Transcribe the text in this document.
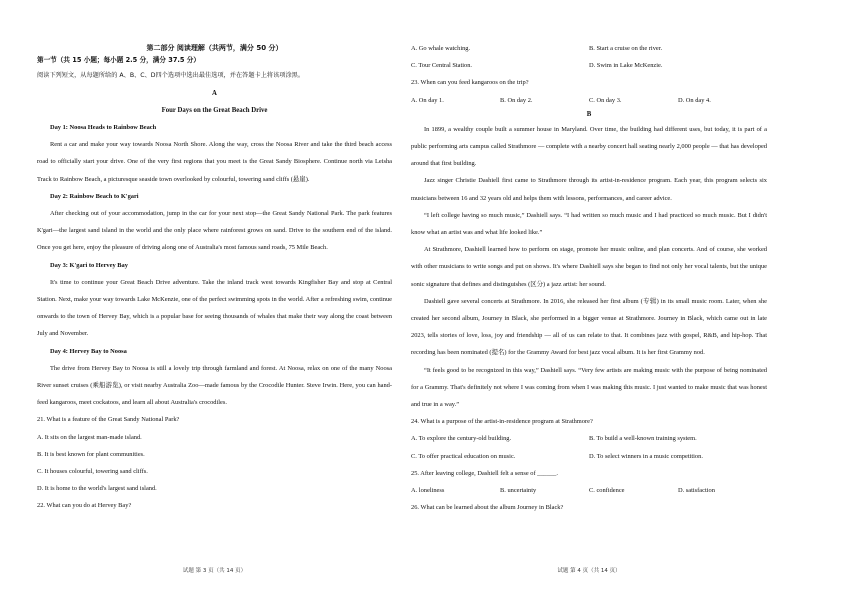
第二部分 阅读理解（共两节，满分 50 分）
第一节（共 15 小题；每小题 2.5 分，满分 37.5 分）
阅读下列短文，从每题所给的 A、B、C、D四个选项中选出最佳选项，并在答题卡上将该项涂黑。
A
Four Days on the Great Beach Drive
Day 1: Noosa Heads to Rainbow Beach

Rent a car and make your way towards Noosa North Shore. Along the way, cross the Noosa River and take the third beach access road to officially start your drive. One of the very first regions that you meet is the Great Sandy Biosphere. Continue north via Leisha Track to Rainbow Beach, a picturesque seaside town overlooked by colourful, towering sand cliffs (悬崖).

Day 2: Rainbow Beach to K'gari

After checking out of your accommodation, jump in the car for your next stop—the Great Sandy National Park. The park features K'gari—the largest sand island in the world and the only place where rainforest grows on sand. Drive to the southern end of the island. Once you get here, enjoy the pleasure of driving along one of Australia's most famous sand roads, 75 Mile Beach.

Day 3: K'gari to Hervey Bay

It's time to continue your Great Beach Drive adventure. Take the inland track west towards Kingfisher Bay and stop at Central Station. Next, make your way towards Lake McKenzie, one of the perfect swimming spots in the world. After a refreshing swim, continue onwards to the town of Hervey Bay, which is a popular base for seeing thousands of whales that make their way along the coast between July and November.

Day 4: Hervey Bay to Noosa

The drive from Hervey Bay to Noosa is still a lovely trip through farmland and forest. At Noosa, relax on one of the many Noosa River sunset cruises (乘船游览), or visit nearby Australia Zoo—made famous by the Crocodile Hunter. Steve Irwin. Here, you can hand-feed kangaroos, meet cockatoos, and learn all about Australia's crocodiles.

21. What is a feature of the Great Sandy National Park?
A. It sits on the largest man-made island.
B. It is best known for plant communities.
C. It houses colourful, towering sand cliffs.
D. It is home to the world's largest sand island.
22. What can you do at Hervey Bay?
试题 第 3 页（共 14 页）
A. Go whale watching.	B. Start a cruise on the river.
C. Tour Central Station.	D. Swim in Lake McKenzie.
23. When can you feed kangaroos on the trip?
A. On day 1.	B. On day 2.	C. On day 3.	D. On day 4.
B

In 1899, a wealthy couple built a summer house in Maryland. Over time, the building had different uses, but today, it is part of a public performing arts campus called Strathmore — complete with a nearby concert hall seating nearly 2,000 people — that has developed around that first building.

Jazz singer Christie Dashiell first came to Strathmore through its artist-in-residence program. Each year, this program selects six musicians between 16 and 32 years old and helps them with lessons, performances, and career advice.

“I left college having so much music,” Dashiell says. “I had written so much music and I had practiced so much music. But I didn't know what an artist was and what life looked like.”

At Strathmore, Dashiell learned how to perform on stage, promote her music online, and plan concerts. And of course, she worked with other musicians to write songs and put on shows. It's where Dashiell says she began to find not only her vocal talents, but the unique sonic signature that defines and distinguishes (区分) a jazz artist: her sound.

Dashiell gave several concerts at Strathmore. In 2016, she released her first album (专辑) in its small music room. Later, when she created her second album, Journey in Black, she performed in a bigger venue at Strathmore. Journey in Black, which came out in late 2023, tells stories of love, loss, joy and friendship — all of us can relate to that. It combines jazz with gospel, R&B, and hip-hop. That recording has been nominated (提名) for the Grammy Award for best jazz vocal album. It is her first Grammy nod.

“It feels good to be recognized in this way,” Dashiell says. “Very few artists are making music with the purpose of being nominated for a Grammy. That's definitely not where I was coming from when I was making this music. I just wanted to make music that was honest and true in a way.”

24. What is a purpose of the artist-in-residence program at Strathmore?
A. To explore the century-old building.	B. To build a well-known training system.
C. To offer practical education on music.	D. To select winners in a music competition.
25. After leaving college, Dashiell felt a sense of ______.
A. loneliness	B. uncertainty	C. confidence	D. satisfaction
26. What can be learned about the album Journey in Black?
试题 第 4 页（共 14 页）
